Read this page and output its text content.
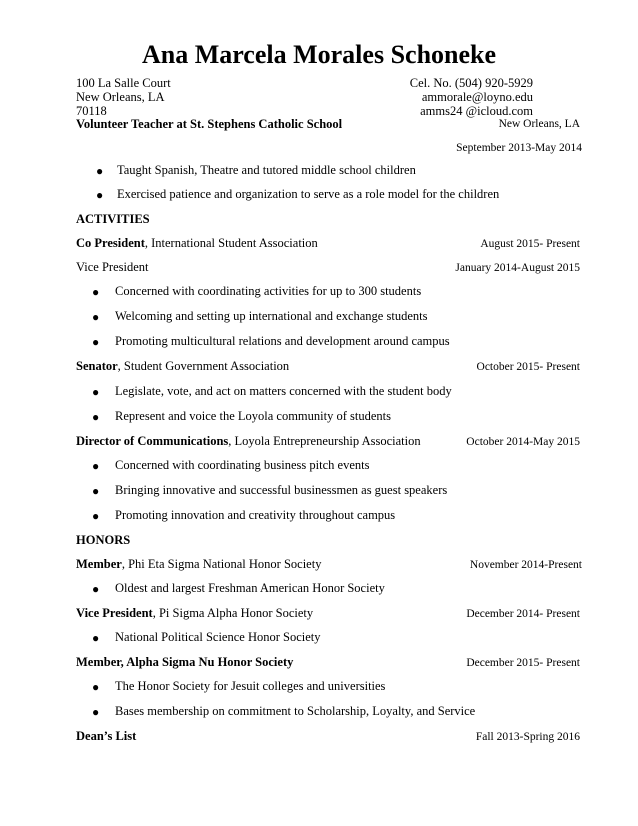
Ana Marcela Morales Schoneke
100 La Salle Court
New Orleans, LA
70118
Cel. No. (504) 920-5929
ammorale@loyno.edu
amms24 @icloud.com
Volunteer Teacher at St. Stephens Catholic School	New Orleans, LA
September 2013-May 2014
● Taught Spanish, Theatre and tutored middle school children
● Exercised patience and organization to serve as a role model for the children
ACTIVITIES
Co President, International Student Association	August 2015- Present
Vice President	January 2014-August 2015
● Concerned with coordinating activities for up to 300 students
● Welcoming and setting up international and exchange students
● Promoting multicultural relations and development around campus
Senator, Student Government Association	October 2015- Present
● Legislate, vote, and act on matters concerned with the student body
● Represent and voice the Loyola community of students
Director of Communications, Loyola Entrepreneurship Association	October 2014-May 2015
● Concerned with coordinating business pitch events
● Bringing innovative and successful businessmen as guest speakers
● Promoting innovation and creativity throughout campus
HONORS
Member, Phi Eta Sigma National Honor Society	November 2014-Present
● Oldest and largest Freshman American Honor Society
Vice President, Pi Sigma Alpha Honor Society	December 2014- Present
● National Political Science Honor Society
Member, Alpha Sigma Nu Honor Society	December 2015- Present
● The Honor Society for Jesuit colleges and universities
● Bases membership on commitment to Scholarship, Loyalty, and Service
Dean’s List	Fall 2013-Spring 2016
